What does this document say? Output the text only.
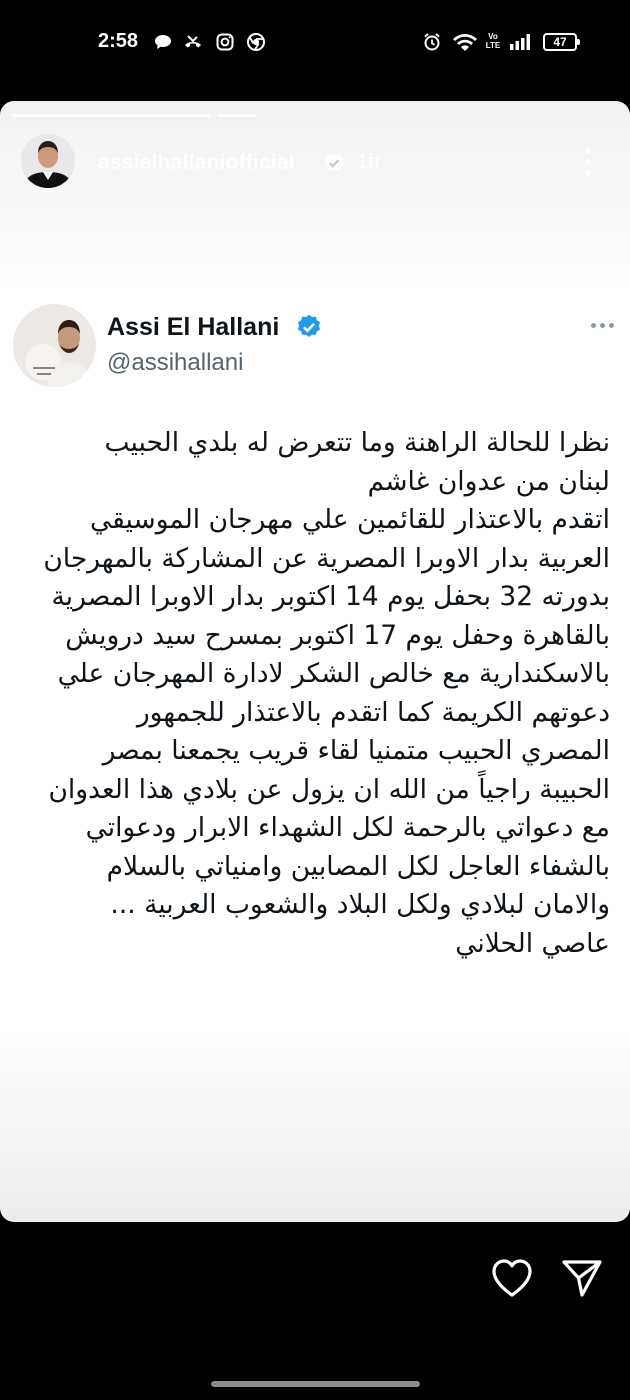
2:58	Vo LTE	47
assielhallaniofficial	1h
Assi El Hallani
@assihallani
نظرا للحالة الراهنة وما تتعرض له بلدي الحبيب
لبنان من عدوان غاشم
اتقدم بالاعتذار للقائمين علي مهرجان الموسيقي
العربية بدار الاوبرا المصرية عن المشاركة بالمهرجان
بدورته 32 بحفل يوم 14 اكتوبر بدار الاوبرا المصرية
بالقاهرة وحفل يوم 17 اكتوبر بمسرح سيد درويش
بالاسكندارية مع خالص الشكر لادارة المهرجان علي
دعوتهم الكريمة كما اتقدم بالاعتذار للجمهور
المصري الحبيب متمنيا لقاء قريب يجمعنا بمصر
الحبيبة راجياً من الله ان يزول عن بلادي هذا العدوان
مع دعواتي بالرحمة لكل الشهداء الابرار ودعواتي
بالشفاء العاجل لكل المصابين وامنياتي بالسلام
والامان لبلادي ولكل البلاد والشعوب العربية ...
عاصي الحلاني
